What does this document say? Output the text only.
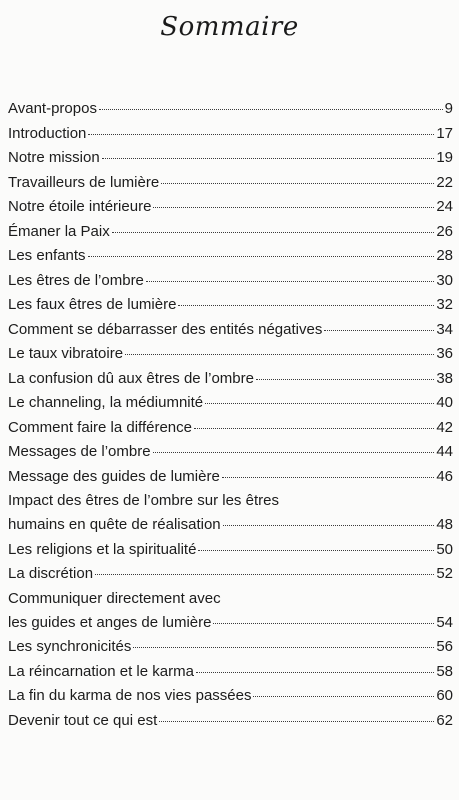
Sommaire
Avant-propos	9
Introduction	17
Notre mission	19
Travailleurs de lumière	22
Notre étoile intérieure	24
Émaner la Paix	26
Les enfants	28
Les êtres de l’ombre	30
Les faux êtres de lumière	32
Comment se débarrasser des entités négatives	34
Le taux vibratoire	36
La confusion dû aux êtres de l’ombre	38
Le channeling, la médiumnité	40
Comment faire la différence	42
Messages de l’ombre	44
Message des guides de lumière	46
Impact des êtres de l’ombre sur les êtres
humains en quête de réalisation	48
Les religions et la spiritualité	50
La discrétion	52
Communiquer directement avec
les guides et anges de lumière	54
Les synchronicités	56
La réincarnation et le karma	58
La fin du karma de nos vies passées	60
Devenir tout ce qui est	62
